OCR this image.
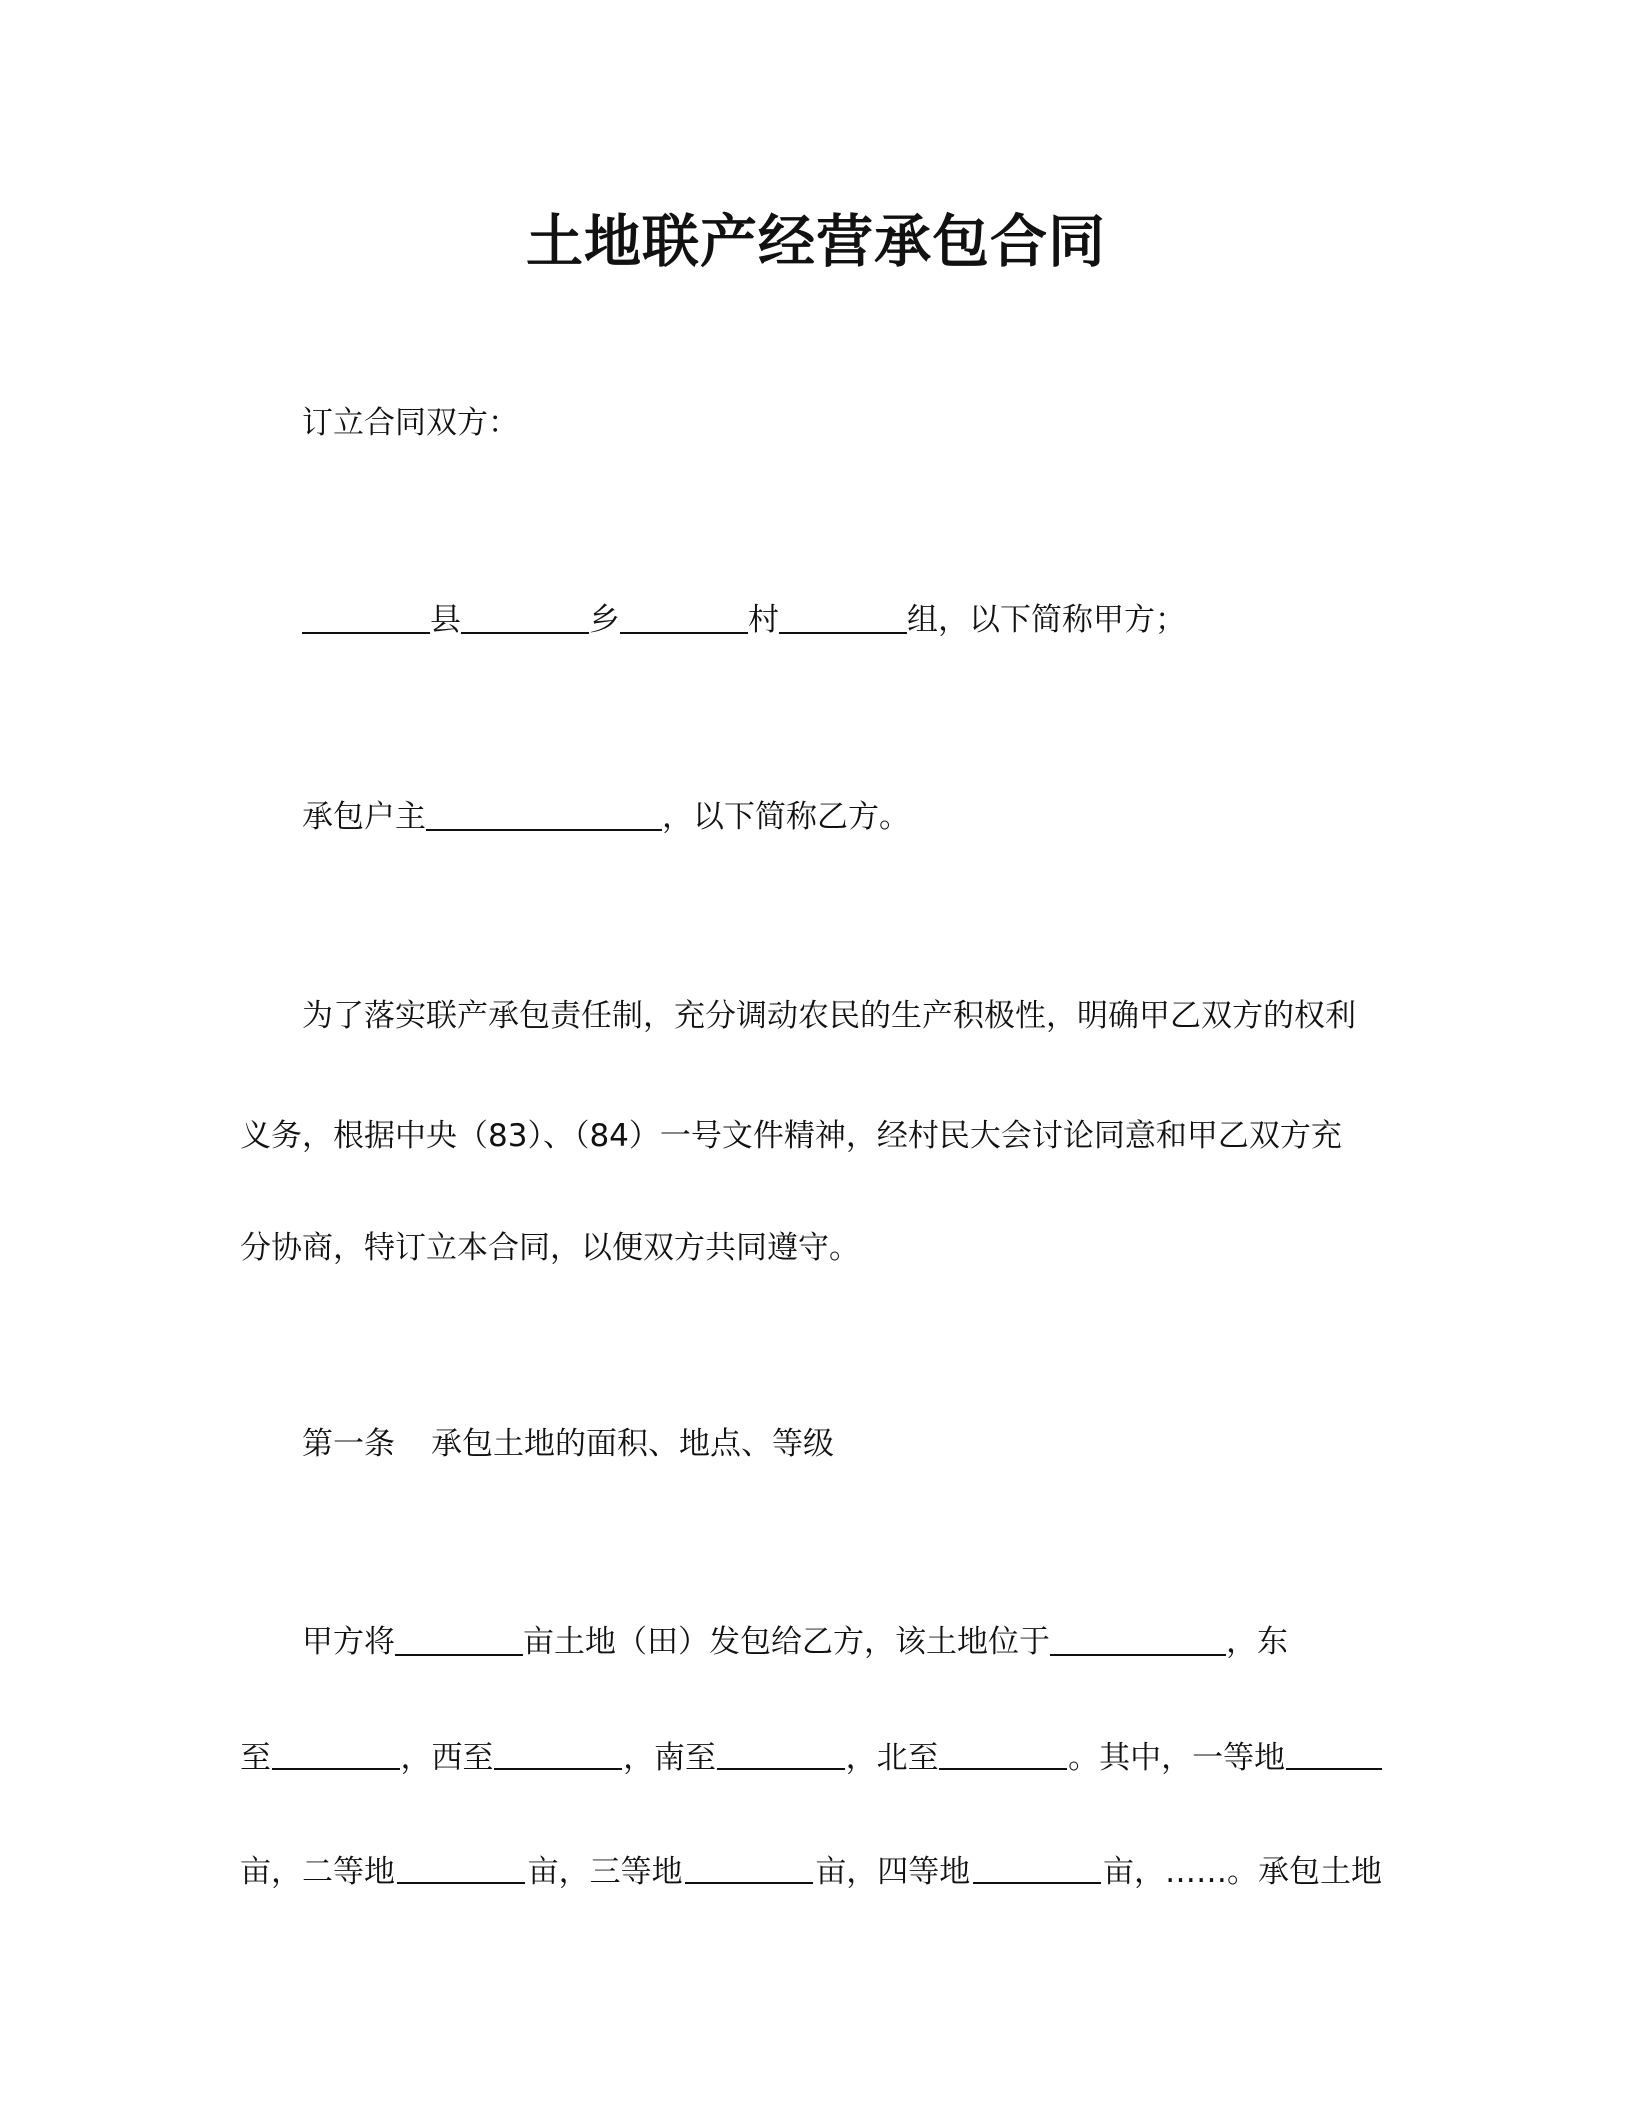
土地联产经营承包合同
订立合同双方：
县	乡	村	组，以下简称甲方；
承包户主	，以下简称乙方。
为了落实联产承包责任制，充分调动农民的生产积极性，明确甲乙双方的权利
义务，根据中央（83）、（84）一号文件精神，经村民大会讨论同意和甲乙双方充
分协商，特订立本合同，以便双方共同遵守。
第一条 承包土地的面积、地点、等级
甲方将	亩土地（田）发包给乙方，该土地位于	，东
至	，西至	，南至	，北至	。其中，一等地
亩，二等地	亩，三等地	亩，四等地	亩，……。承包土地
